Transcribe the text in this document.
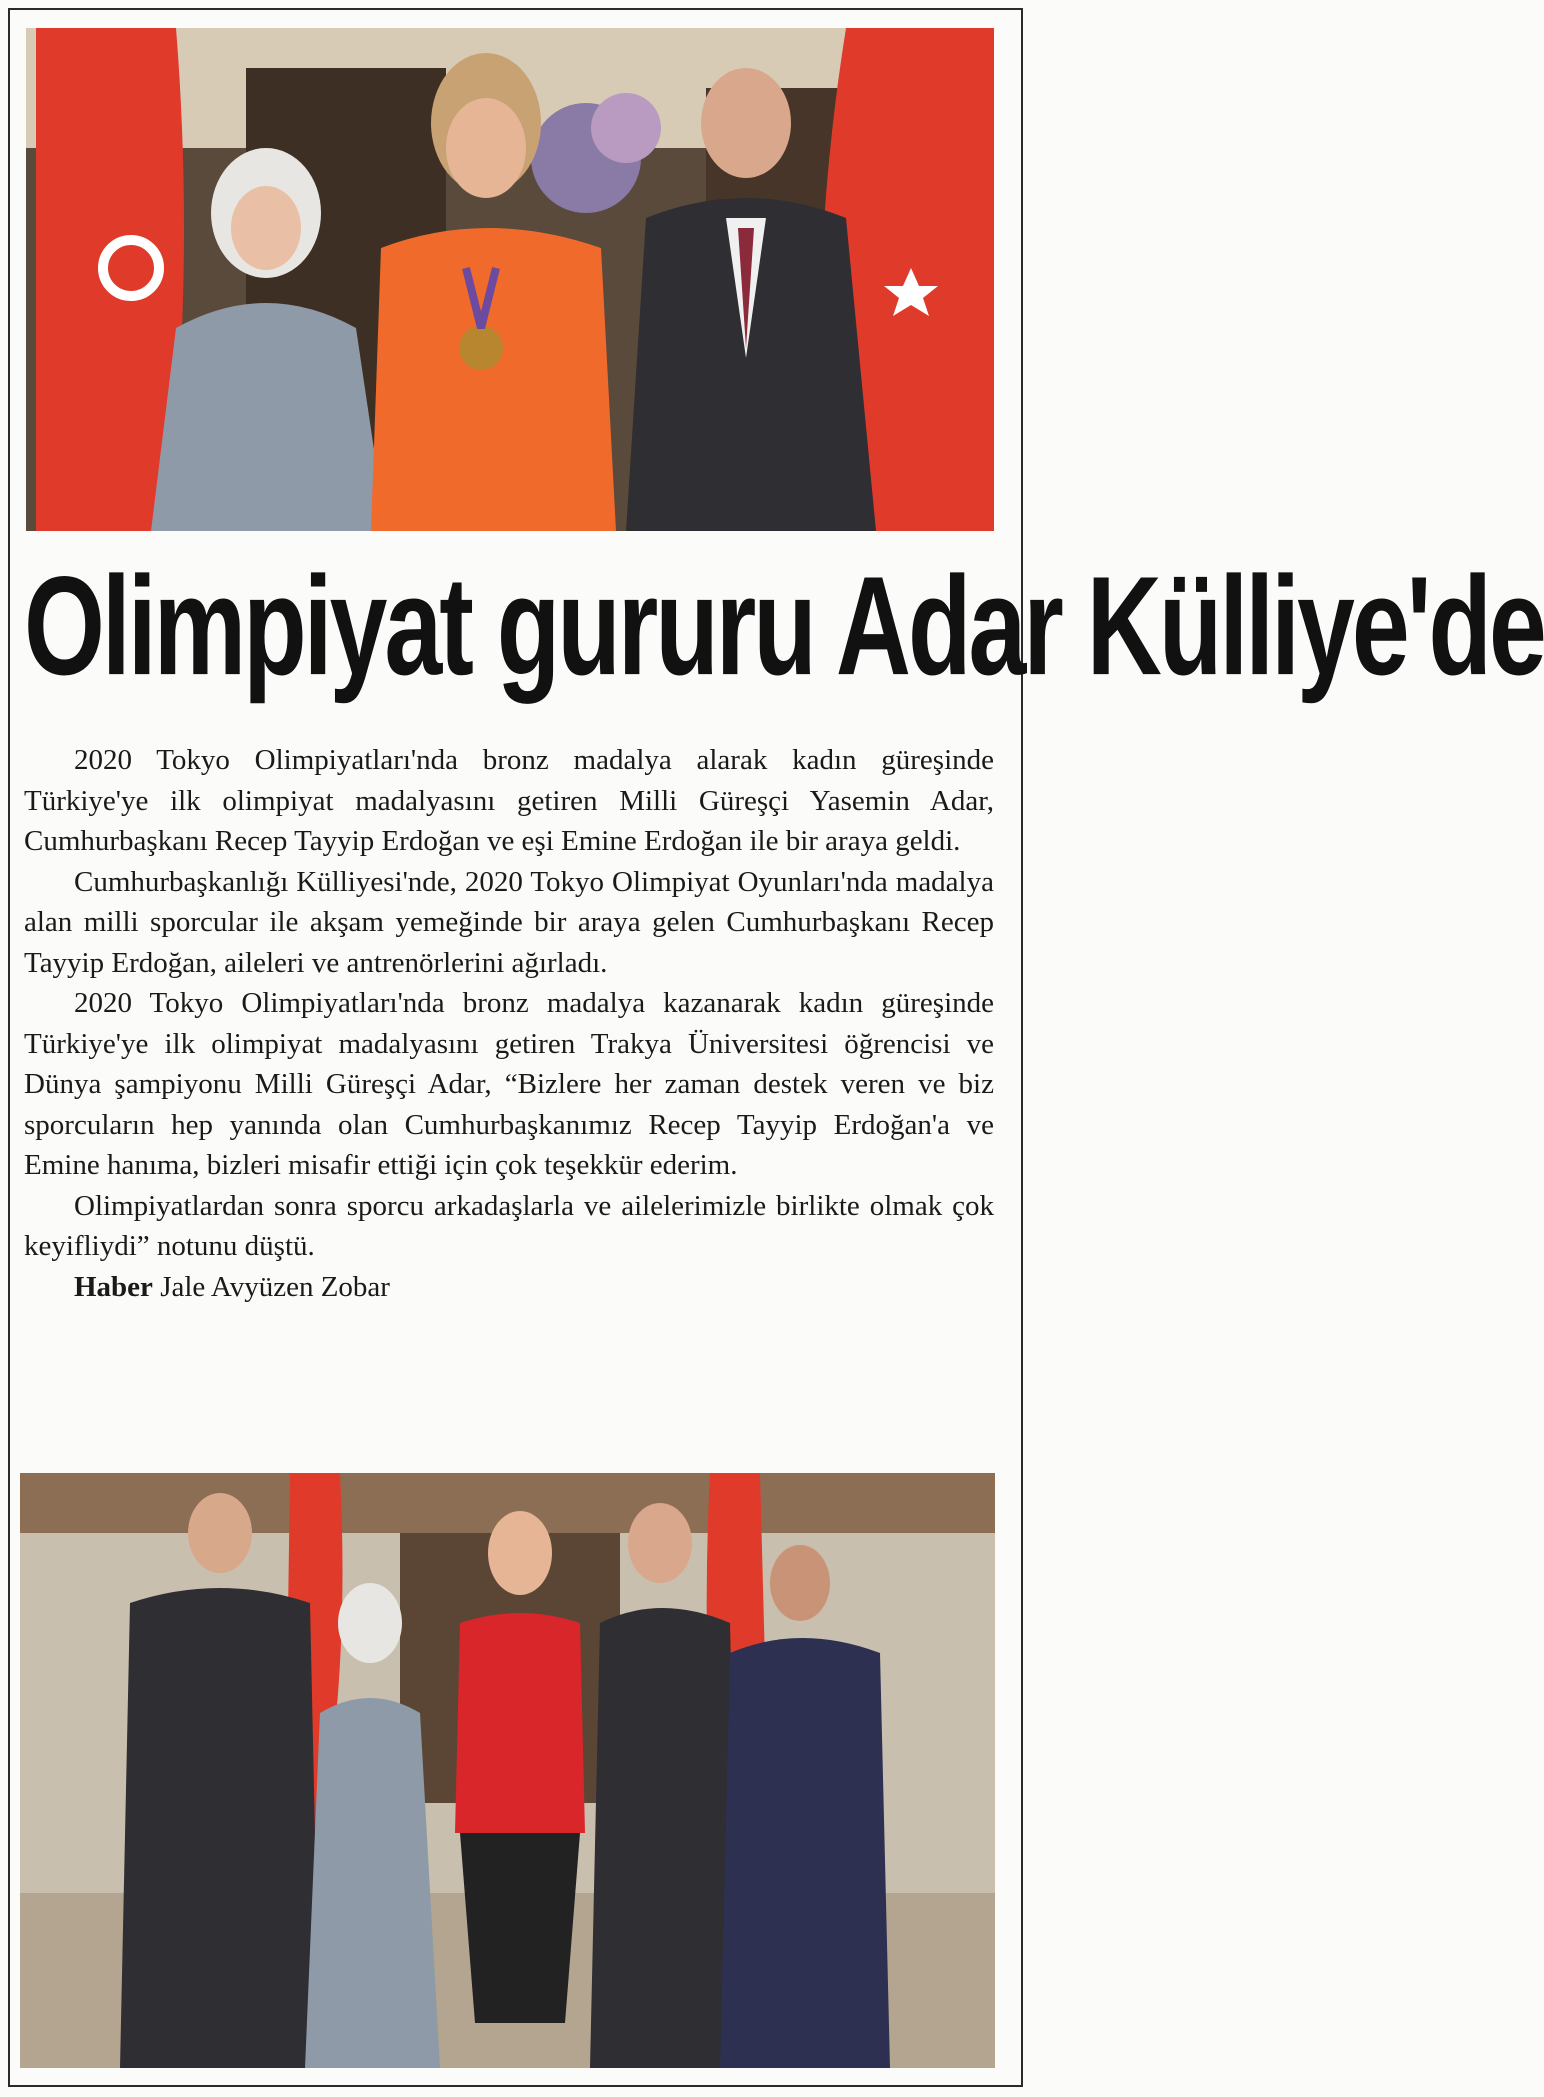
Olimpiyat gururu Adar Külliye'de

2020 Tokyo Olimpiyatları'nda bronz madalya alarak kadın güreşinde Türkiye'ye ilk olimpiyat madalyasını getiren Milli Güreşçi Yasemin Adar, Cumhurbaşkanı Recep Tayyip Erdoğan ve eşi Emine Erdoğan ile bir araya geldi.

Cumhurbaşkanlığı Külliyesi'nde, 2020 Tokyo Olimpiyat Oyunları'nda madalya alan milli sporcular ile akşam yemeğinde bir araya gelen Cumhurbaşkanı Recep Tayyip Erdoğan, aileleri ve antrenörlerini ağırladı.

2020 Tokyo Olimpiyatları'nda bronz madalya kazanarak kadın güreşinde Türkiye'ye ilk olimpiyat madalyasını getiren Trakya Üniversitesi öğrencisi ve Dünya şampiyonu Milli Güreşçi Adar, “Bizlere her zaman destek veren ve biz sporcuların hep yanında olan Cumhurbaşkanımız Recep Tayyip Erdoğan'a ve Emine hanıma, bizleri misafir ettiği için çok teşekkür ederim.

Olimpiyatlardan sonra sporcu arkadaşlarla ve ailelerimizle birlikte olmak çok keyifliydi” notunu düştü.

Haber Jale Avyüzen Zobar
